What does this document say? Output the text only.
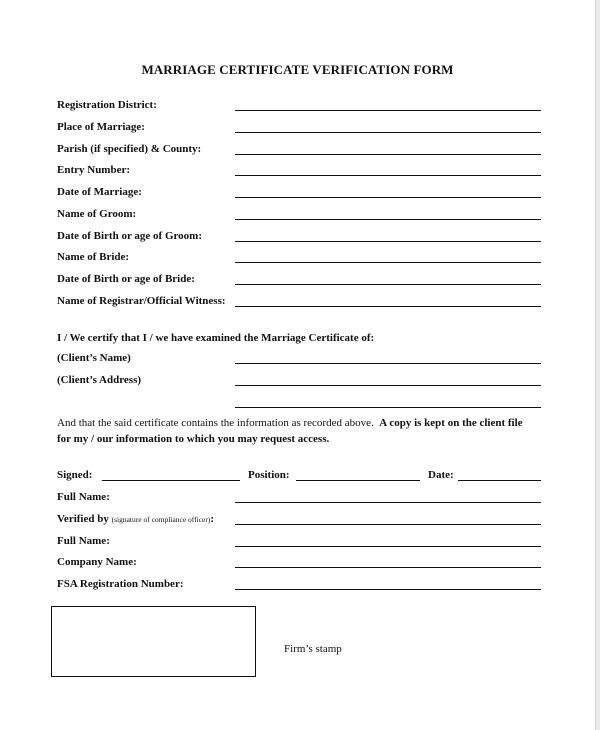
MARRIAGE CERTIFICATE VERIFICATION FORM
Registration District:
Place of Marriage:
Parish (if specified) & County:
Entry Number:
Date of Marriage:
Name of Groom:
Date of Birth or age of Groom:
Name of Bride:
Date of Birth or age of Bride:
Name of Registrar/Official Witness:
I / We certify that I / we have examined the Marriage Certificate of:
(Client’s Name)
(Client’s Address)
And that the said certificate contains the information as recorded above. A copy is kept on the client file
for my / our information to which you may request access.
Signed:	Position:	Date:
Full Name:
Verified by (signature of compliance officer):
Full Name:
Company Name:
FSA Registration Number:
Firm’s stamp
